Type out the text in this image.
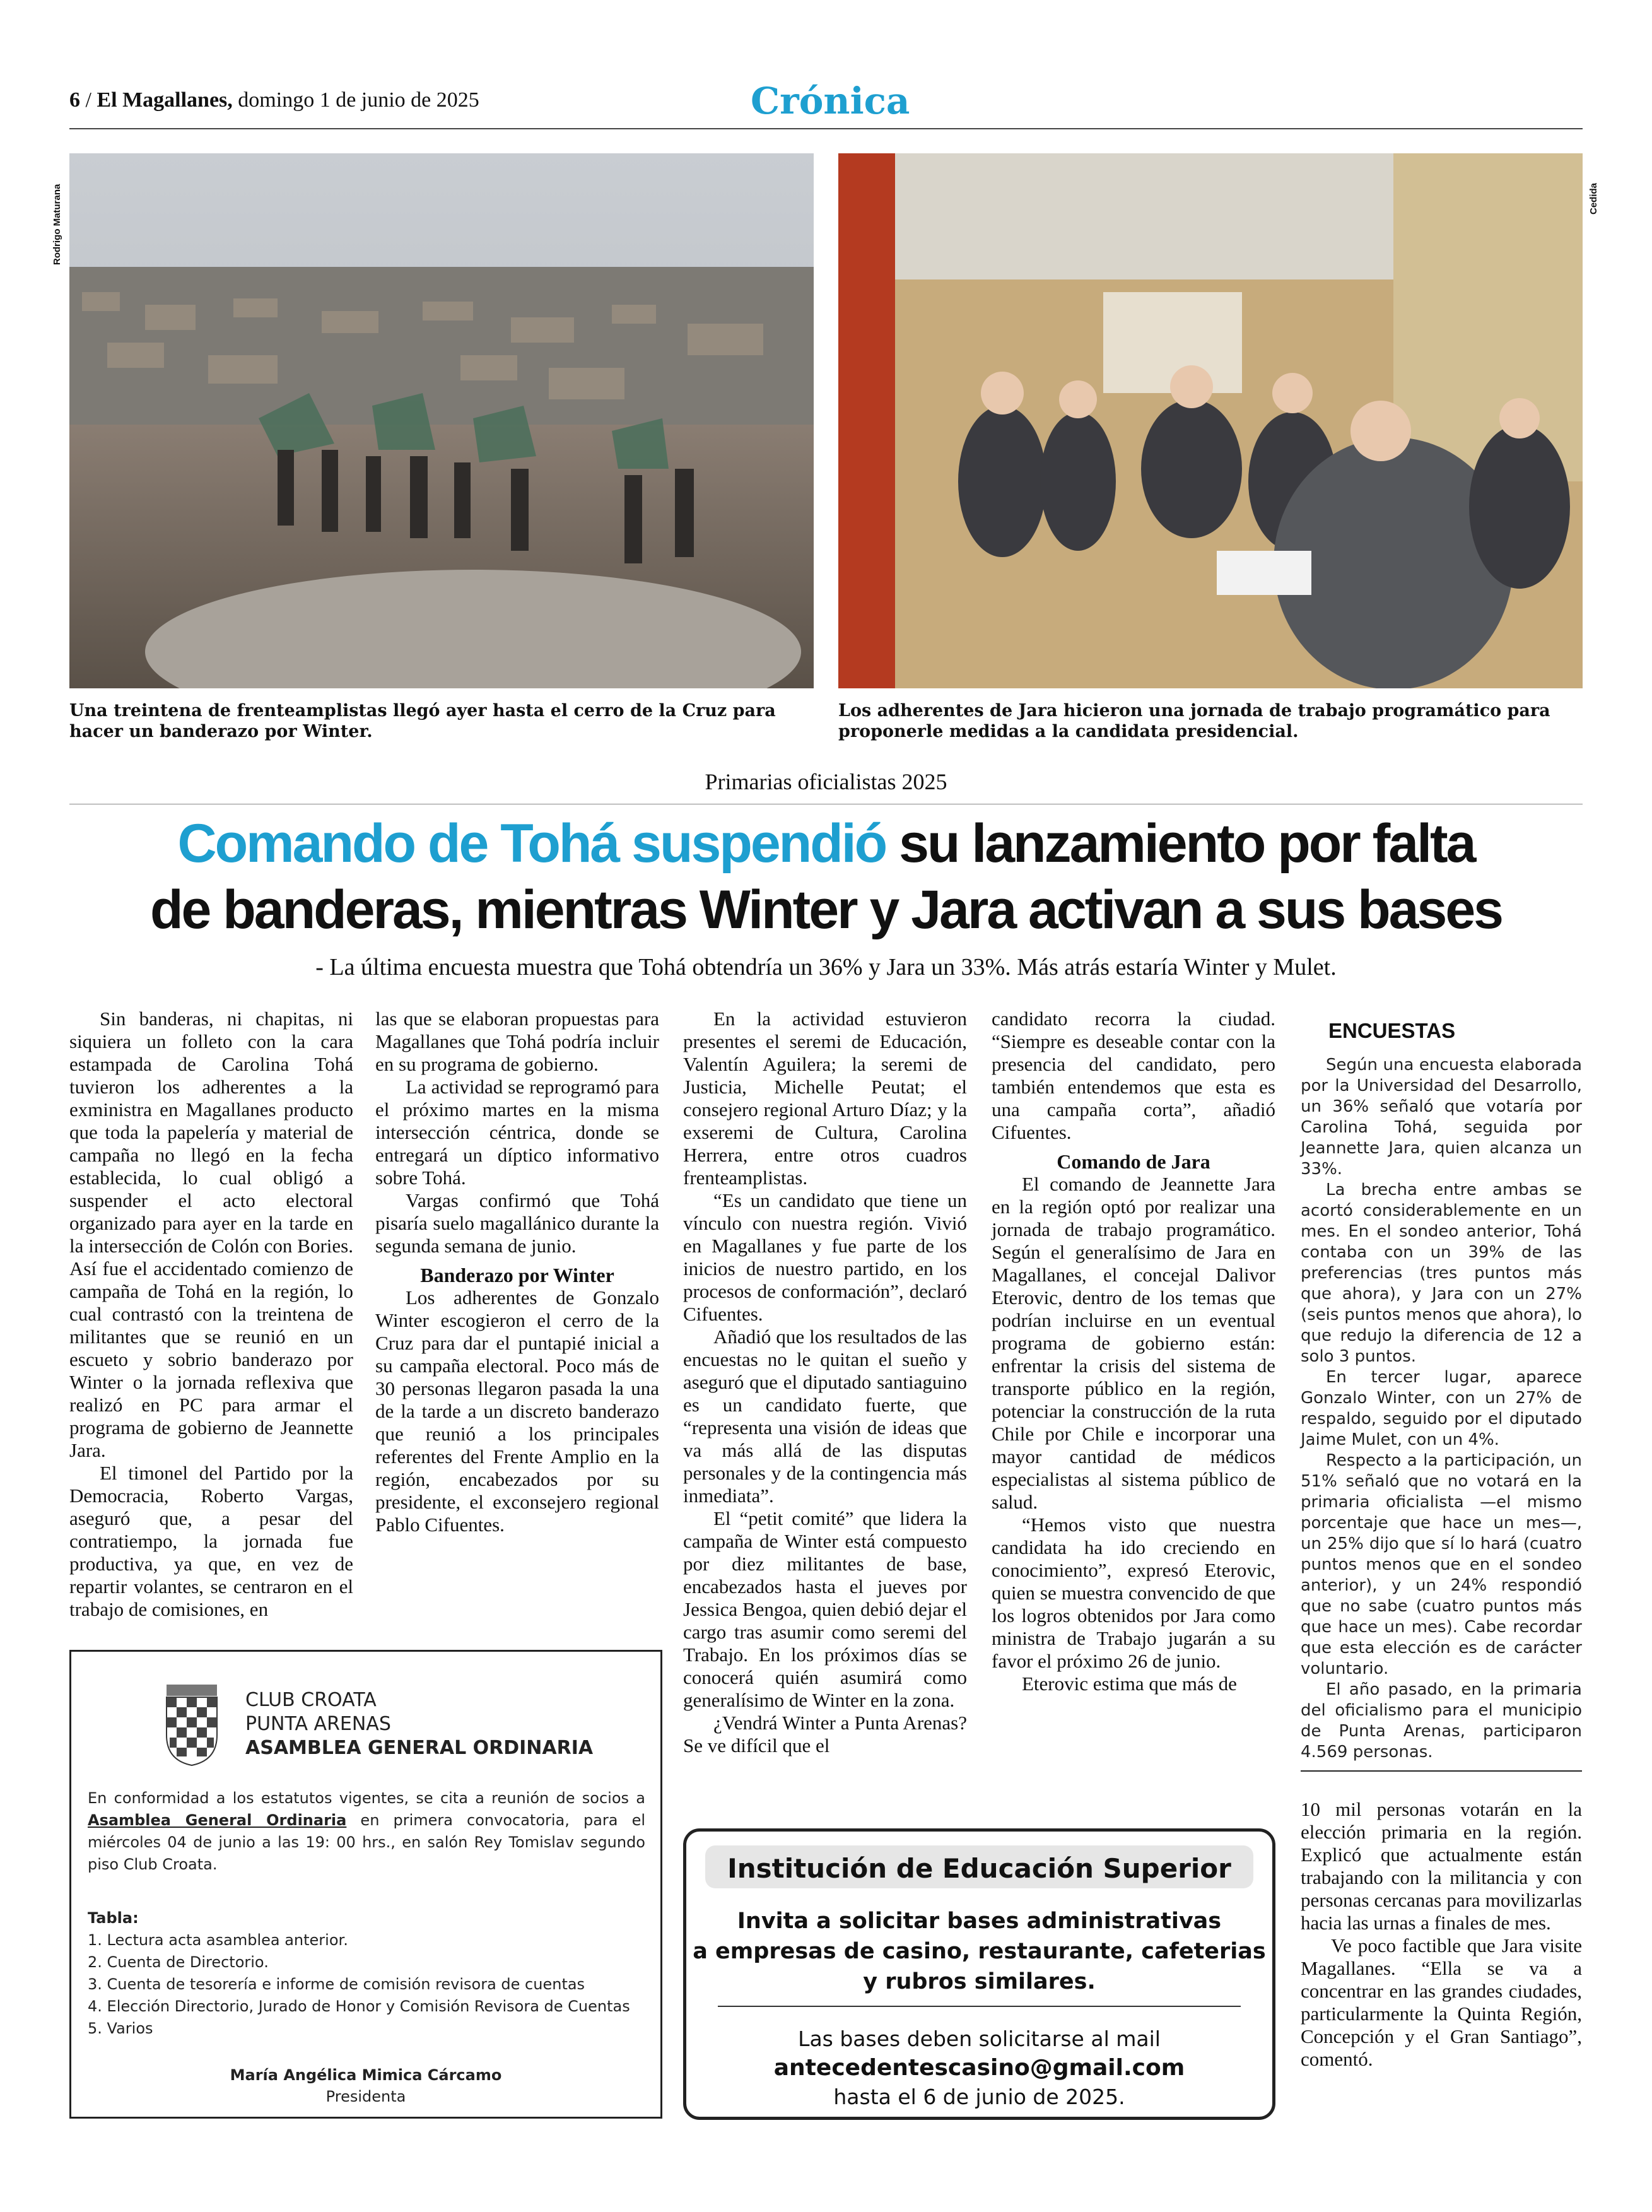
6 / El Magallanes, domingo 1 de junio de 2025	Crónica
Rodrigo Maturana
Una treintena de frenteamplistas llegó ayer hasta el cerro de la Cruz para hacer un banderazo por Winter.
Cedida
Los adherentes de Jara hicieron una jornada de trabajo programático para proponerle medidas a la candidata presidencial.
Primarias oficialistas 2025
Comando de Tohá suspendió su lanzamiento por falta
de banderas, mientras Winter y Jara activan a sus bases
- La última encuesta muestra que Tohá obtendría un 36% y Jara un 33%. Más atrás estaría Winter y Mulet.

Sin banderas, ni chapitas, ni siquiera un folleto con la cara estampada de Carolina Tohá tuvieron los adherentes a la exministra en Magallanes producto que toda la papelería y material de campaña no llegó en la fecha establecida, lo cual obligó a suspender el acto electoral organizado para ayer en la tarde en la intersección de Colón con Bories. Así fue el accidentado comienzo de campaña de Tohá en la región, lo cual contrastó con la treintena de militantes que se reunió en un escueto y sobrio banderazo por Winter o la jornada reflexiva que realizó en PC para armar el programa de gobierno de Jeannette Jara.

El timonel del Partido por la Democracia, Roberto Vargas, aseguró que, a pesar del contratiempo, la jornada fue productiva, ya que, en vez de repartir volantes, se centraron en el trabajo de comisiones, en

las que se elaboran propuestas para Magallanes que Tohá podría incluir en su programa de gobierno.

La actividad se reprogramó para el próximo martes en la misma intersección céntrica, donde se entregará un díptico informativo sobre Tohá.

Vargas confirmó que Tohá pisaría suelo magallánico durante la segunda semana de junio.

Banderazo por Winter

Los adherentes de Gonzalo Winter escogieron el cerro de la Cruz para dar el puntapié inicial a su campaña electoral. Poco más de 30 personas llegaron pasada la una de la tarde a un discreto banderazo que reunió a los principales referentes del Frente Amplio en la región, encabezados por su presidente, el exconsejero regional Pablo Cifuentes.

En la actividad estuvieron presentes el seremi de Educación, Valentín Aguilera; la seremi de Justicia, Michelle Peutat; el consejero regional Arturo Díaz; y la exseremi de Cultura, Carolina Herrera, entre otros cuadros frenteamplistas.

“Es un candidato que tiene un vínculo con nuestra región. Vivió en Magallanes y fue parte de los inicios de nuestro partido, en los procesos de conformación”, declaró Cifuentes.

Añadió que los resultados de las encuestas no le quitan el sueño y aseguró que el diputado santiaguino es un candidato fuerte, que “representa una visión de ideas que va más allá de las disputas personales y de la contingencia más inmediata”.

El “petit comité” que lidera la campaña de Winter está compuesto por diez militantes de base, encabezados hasta el jueves por Jessica Bengoa, quien debió dejar el cargo tras asumir como seremi del Trabajo. En los próximos días se conocerá quién asumirá como generalísimo de Winter en la zona.

¿Vendrá Winter a Punta Arenas? Se ve difícil que el

candidato recorra la ciudad. “Siempre es deseable contar con la presencia del candidato, pero también entendemos que esta es una campaña corta”, añadió Cifuentes.

Comando de Jara

El comando de Jeannette Jara en la región optó por realizar una jornada de trabajo programático. Según el generalísimo de Jara en Magallanes, el concejal Dalivor Eterovic, dentro de los temas que podrían incluirse en un eventual programa de gobierno están: enfrentar la crisis del sistema de transporte público en la región, potenciar la construcción de la ruta Chile por Chile e incorporar una mayor cantidad de médicos especialistas al sistema público de salud.

“Hemos visto que nuestra candidata ha ido creciendo en conocimiento”, expresó Eterovic, quien se muestra convencido de que los logros obtenidos por Jara como ministra de Trabajo jugarán a su favor el próximo 26 de junio.

Eterovic estima que más de

ENCUESTAS

Según una encuesta elaborada por la Universidad del Desarrollo, un 36% señaló que votaría por Carolina Tohá, seguida por Jeannette Jara, quien alcanza un 33%.

La brecha entre ambas se acortó considerablemente en un mes. En el sondeo anterior, Tohá contaba con un 39% de las preferencias (tres puntos más que ahora), y Jara con un 27% (seis puntos menos que ahora), lo que redujo la diferencia de 12 a solo 3 puntos.

En tercer lugar, aparece Gonzalo Winter, con un 27% de respaldo, seguido por el diputado Jaime Mulet, con un 4%.

Respecto a la participación, un 51% señaló que no votará en la primaria oficialista —el mismo porcentaje que hace un mes—, un 25% dijo que sí lo hará (cuatro puntos menos que en el sondeo anterior), y un 24% respondió que no sabe (cuatro puntos más que hace un mes). Cabe recordar que esta elección es de carácter voluntario.

El año pasado, en la primaria del oficialismo para el municipio de Punta Arenas, participaron 4.569 personas.

10 mil personas votarán en la elección primaria en la región. Explicó que actualmente están trabajando con la militancia y con personas cercanas para movilizarlas hacia las urnas a finales de mes.

Ve poco factible que Jara visite Magallanes. “Ella se va a concentrar en las grandes ciudades, particularmente la Quinta Región, Concepción y el Gran Santiago”, comentó.

CLUB CROATA
PUNTA ARENAS
ASAMBLEA GENERAL ORDINARIA
En conformidad a los estatutos vigentes, se cita a reunión de socios a Asamblea General Ordinaria en primera convocatoria, para el miércoles 04 de junio a las 19: 00 hrs., en salón Rey Tomislav segundo piso Club Croata.
Tabla:
1. Lectura acta asamblea anterior.
2. Cuenta de Directorio.
3. Cuenta de tesorería e informe de comisión revisora de cuentas
4. Elección Directorio, Jurado de Honor y Comisión Revisora de Cuentas
5. Varios
María Angélica Mimica Cárcamo
Presidenta
Institución de Educación Superior
Invita a solicitar bases administrativas
a empresas de casino, restaurante, cafeterias
y rubros similares.
Las bases deben solicitarse al mail
antecedentescasino@gmail.com
hasta el 6 de junio de 2025.
